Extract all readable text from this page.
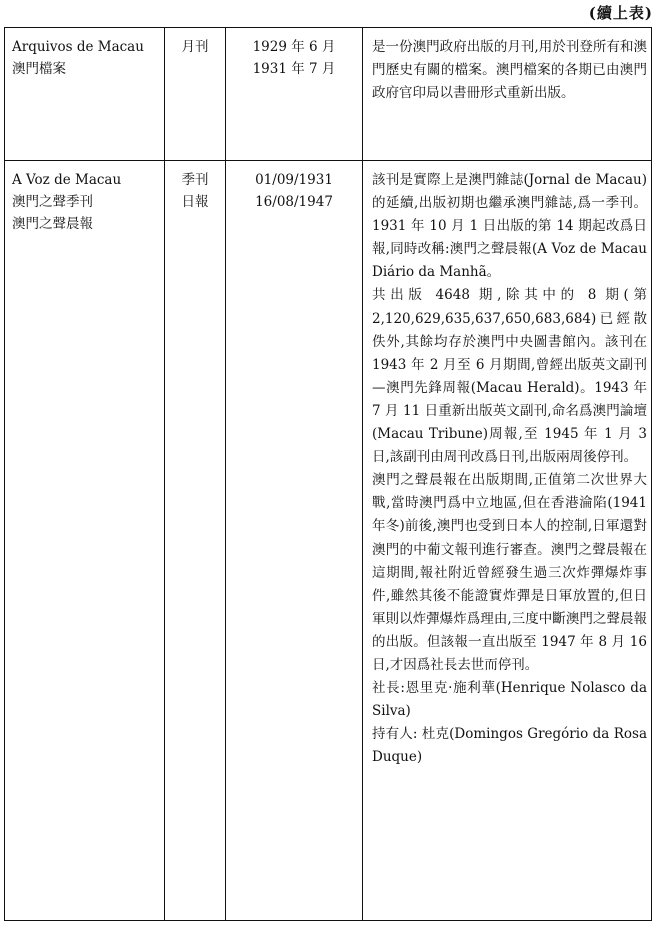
(續上表)
Arquivos de Macau
澳門檔案
月刊	1929 年 6 月
1931 年 7 月

是一份澳門政府出版的月刊,用於刊登所有和澳門歷史有關的檔案。澳門檔案的各期已由澳門政府官印局以書冊形式重新出版。

A Voz de Macau
澳門之聲季刊
澳門之聲晨報
季刊
日報
01/09/1931
16/08/1947

該刊是實際上是澳門雜誌(Jornal de Macau)的延續,出版初期也繼承澳門雜誌,爲一季刊。1931 年 10 月 1 日出版的第 14 期起改爲日報,同時改稱:澳門之聲晨報(A Voz de Macau Diário da Manhã。

共出版 4648 期,除其中的 8 期(第 2,120,629,635,637,650,683,684)已經散佚外,其餘均存於澳門中央圖書館內。該刊在 1943 年 2 月至 6 月期間,曾經出版英文副刊—澳門先鋒周報(Macau Herald)。1943 年 7 月 11 日重新出版英文副刊,命名爲澳門論壇(Macau Tribune)周報,至 1945 年 1 月 3 日,該副刊由周刊改爲日刊,出版兩周後停刊。

澳門之聲晨報在出版期間,正值第二次世界大戰,當時澳門爲中立地區,但在香港淪陷(1941 年冬)前後,澳門也受到日本人的控制,日軍還對澳門的中葡文報刊進行審查。澳門之聲晨報在這期間,報社附近曾經發生過三次炸彈爆炸事件,雖然其後不能證實炸彈是日軍放置的,但日軍則以炸彈爆炸爲理由,三度中斷澳門之聲晨報的出版。但該報一直出版至 1947 年 8 月 16 日,才因爲社長去世而停刊。

社長:恩里克·施利華(Henrique Nolasco da Silva)

持有人: 杜克(Domingos Gregório da Rosa Duque)
